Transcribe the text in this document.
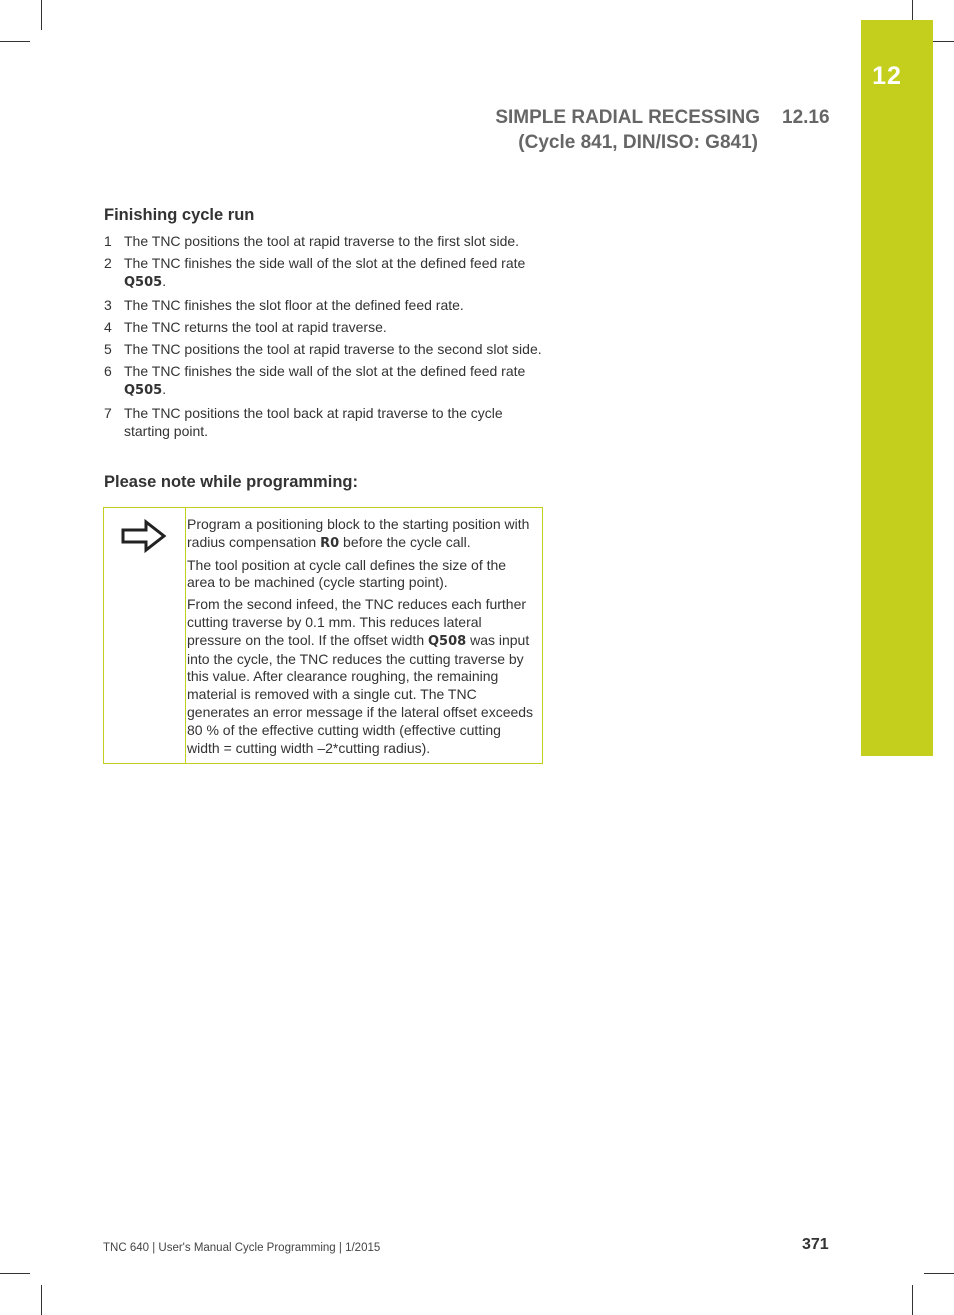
12
SIMPLE RADIAL RECESSING
(Cycle 841, DIN/ISO: G841)
12.16
Finishing cycle run
1 The TNC positions the tool at rapid traverse to the first slot side.
2 The TNC finishes the side wall of the slot at the defined feed rate Q505.
3 The TNC finishes the slot floor at the defined feed rate.
4 The TNC returns the tool at rapid traverse.
5 The TNC positions the tool at rapid traverse to the second slot side.
6 The TNC finishes the side wall of the slot at the defined feed rate Q505.
7 The TNC positions the tool back at rapid traverse to the cycle starting point.
Please note while programming:

Program a positioning block to the starting position with radius compensation R0 before the cycle call.

The tool position at cycle call defines the size of the area to be machined (cycle starting point).

From the second infeed, the TNC reduces each further cutting traverse by 0.1 mm. This reduces lateral pressure on the tool. If the offset width Q508 was input into the cycle, the TNC reduces the cutting traverse by this value. After clearance roughing, the remaining material is removed with a single cut. The TNC generates an error message if the lateral offset exceeds 80 % of the effective cutting width (effective cutting width = cutting width –2*cutting radius).

TNC 640 | User's Manual Cycle Programming | 1/2015	371
